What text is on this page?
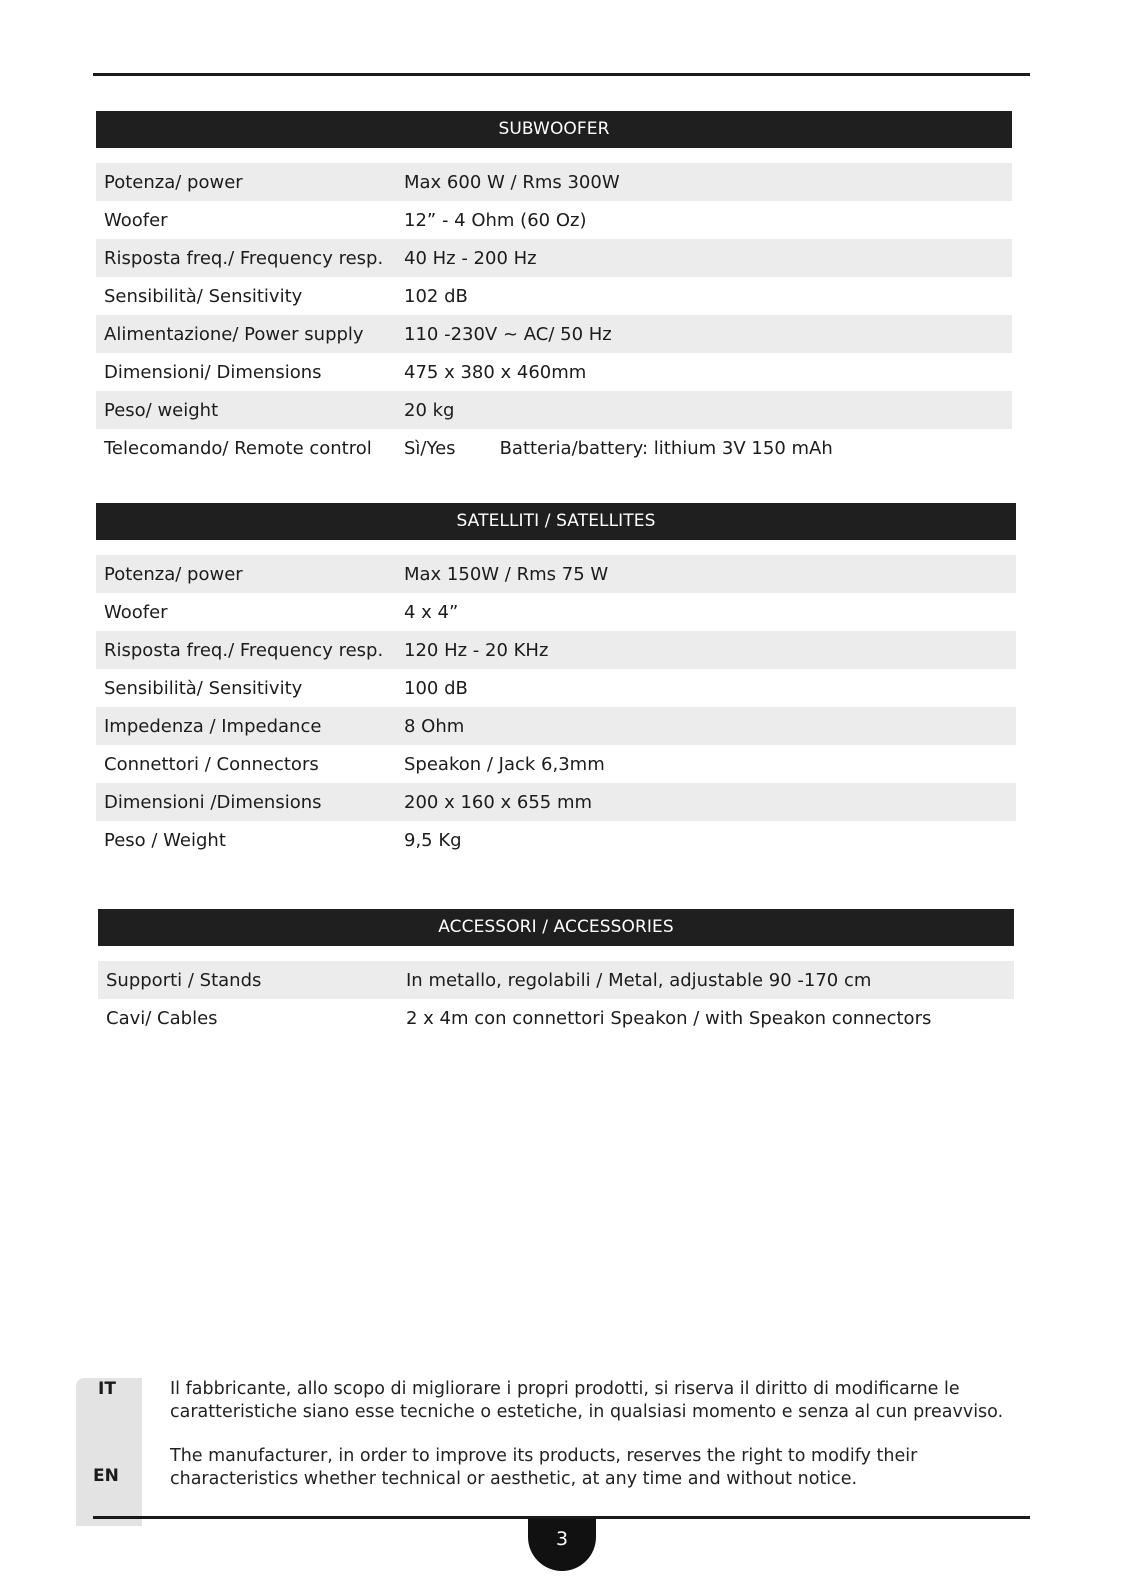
SUBWOOFER
Potenza/ power	Max 600 W / Rms 300W
Woofer	12” - 4 Ohm (60 Oz)
Risposta freq./ Frequency resp.	40 Hz - 200 Hz
Sensibilità/ Sensitivity	102 dB
Alimentazione/ Power supply	110 -230V ~ AC/ 50 Hz
Dimensioni/ Dimensions	475 x 380 x 460mm
Peso/ weight	20 kg
Telecomando/ Remote control	Sì/Yes Batteria/battery: lithium 3V 150 mAh
SATELLITI / SATELLITES
Potenza/ power	Max 150W / Rms 75 W
Woofer	4 x 4”
Risposta freq./ Frequency resp.	120 Hz - 20 KHz
Sensibilità/ Sensitivity	100 dB
Impedenza / Impedance	8 Ohm
Connettori / Connectors	Speakon / Jack 6,3mm
Dimensioni /Dimensions	200 x 160 x 655 mm
Peso / Weight	9,5 Kg
ACCESSORI / ACCESSORIES
Supporti / Stands	In metallo, regolabili / Metal, adjustable 90 -170 cm
Cavi/ Cables	2 x 4m con connettori Speakon / with Speakon connectors
IT
EN
Il fabbricante, allo scopo di migliorare i propri prodotti, si riserva il diritto di modificarne le
caratteristiche siano esse tecniche o estetiche, in qualsiasi momento e senza al cun preavviso.
The manufacturer, in order to improve its products, reserves the right to modify their
characteristics whether technical or aesthetic, at any time and without notice.
3
